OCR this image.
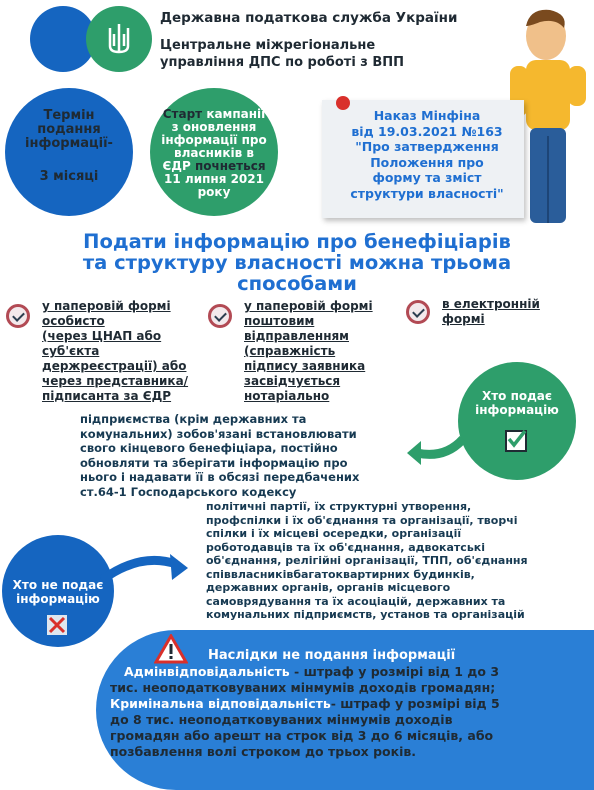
Державна податкова служба України
Центральне міжрегіональне
управління ДПС по роботі з ВПП
Термін
подання
інформації-
3 місяці
Старт кампанії
з оновлення
інформації про
власників в
ЄДР почнеться
11 липня 2021
року
Наказ Мінфіна
від 19.03.2021 №163
"Про затвердження
Положення про
форму та зміст
структури власності"
Подати інформацію про бенефіціарів
та структуру власності можна трьома
способами
у паперовій формі
особисто
(через ЦНАП або
суб'єкта
держреєстрації) або
через представника/
підписанта за ЄДР
у паперовій формі
поштовим
відправленням
(справжність
підпису заявника
засвідчується
нотаріально
в електронній
формі
Хто подає
інформацію
підприємства (крім державних та
комунальних) зобов'язані встановлювати
свого кінцевого бенефіціара, постійно
обновляти та зберігати інформацію про
нього і надавати її в обсязі передбачених
ст.64-1 Господарського кодексу
Хто не подає
інформацію
політичні партії, їх структурні утворення,
профспілки і їх об'єднання та організації, творчі
спілки і їх місцеві осередки, організації
роботодавців та їх об'єднання, адвокатські
об'єднання, релігійні організації, ТПП, об'єднання
співвласниківбагатоквартирних будинків,
державних органів, органів місцевого
самоврядування та їх асоціацій, державних та
комунальних підприємств, установ та організацій
Наслідки не подання інформації
Адмінвідповідальність - штраф у розмірі від 1 до 3
тис. неоподатковуваних мінмумів доходів громадян;
Кримінальна відповідальність- штраф у розмірі від 5
до 8 тис. неоподатковуваних мінмумів доходів
громадян або арешт на строк від 3 до 6 місяців, або
позбавлення волі строком до трьох років.
